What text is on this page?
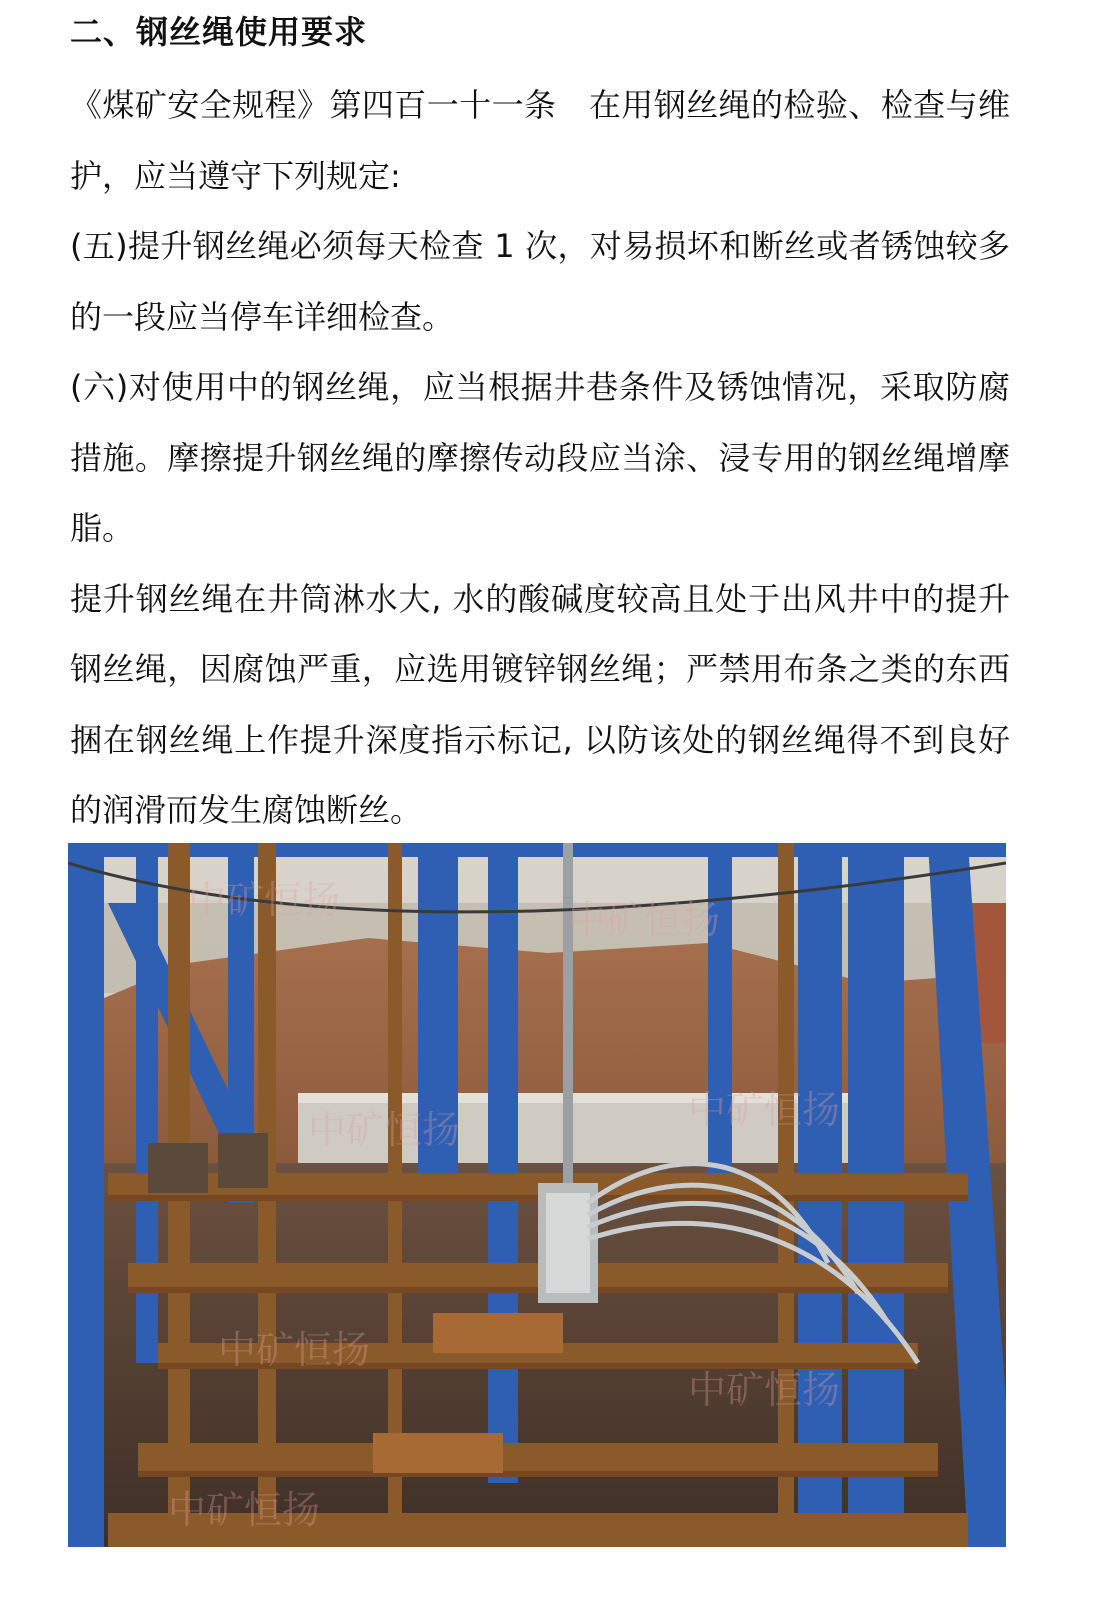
二、钢丝绳使用要求

《煤矿安全规程》第四百一十一条　在用钢丝绳的检验、检查与维护，应当遵守下列规定:

(五)提升钢丝绳必须每天检查 1 次，对易损坏和断丝或者锈蚀较多的一段应当停车详细检查。

(六)对使用中的钢丝绳，应当根据井巷条件及锈蚀情况，采取防腐措施。摩擦提升钢丝绳的摩擦传动段应当涂、浸专用的钢丝绳增摩脂。

提升钢丝绳在井筒淋水大, 水的酸碱度较高且处于出风井中的提升钢丝绳，因腐蚀严重，应选用镀锌钢丝绳；严禁用布条之类的东西捆在钢丝绳上作提升深度指示标记, 以防该处的钢丝绳得不到良好的润滑而发生腐蚀断丝。

中矿恒扬	中矿恒扬
中矿恒扬	中矿恒扬
中矿恒扬
中矿恒扬
中矿恒扬
